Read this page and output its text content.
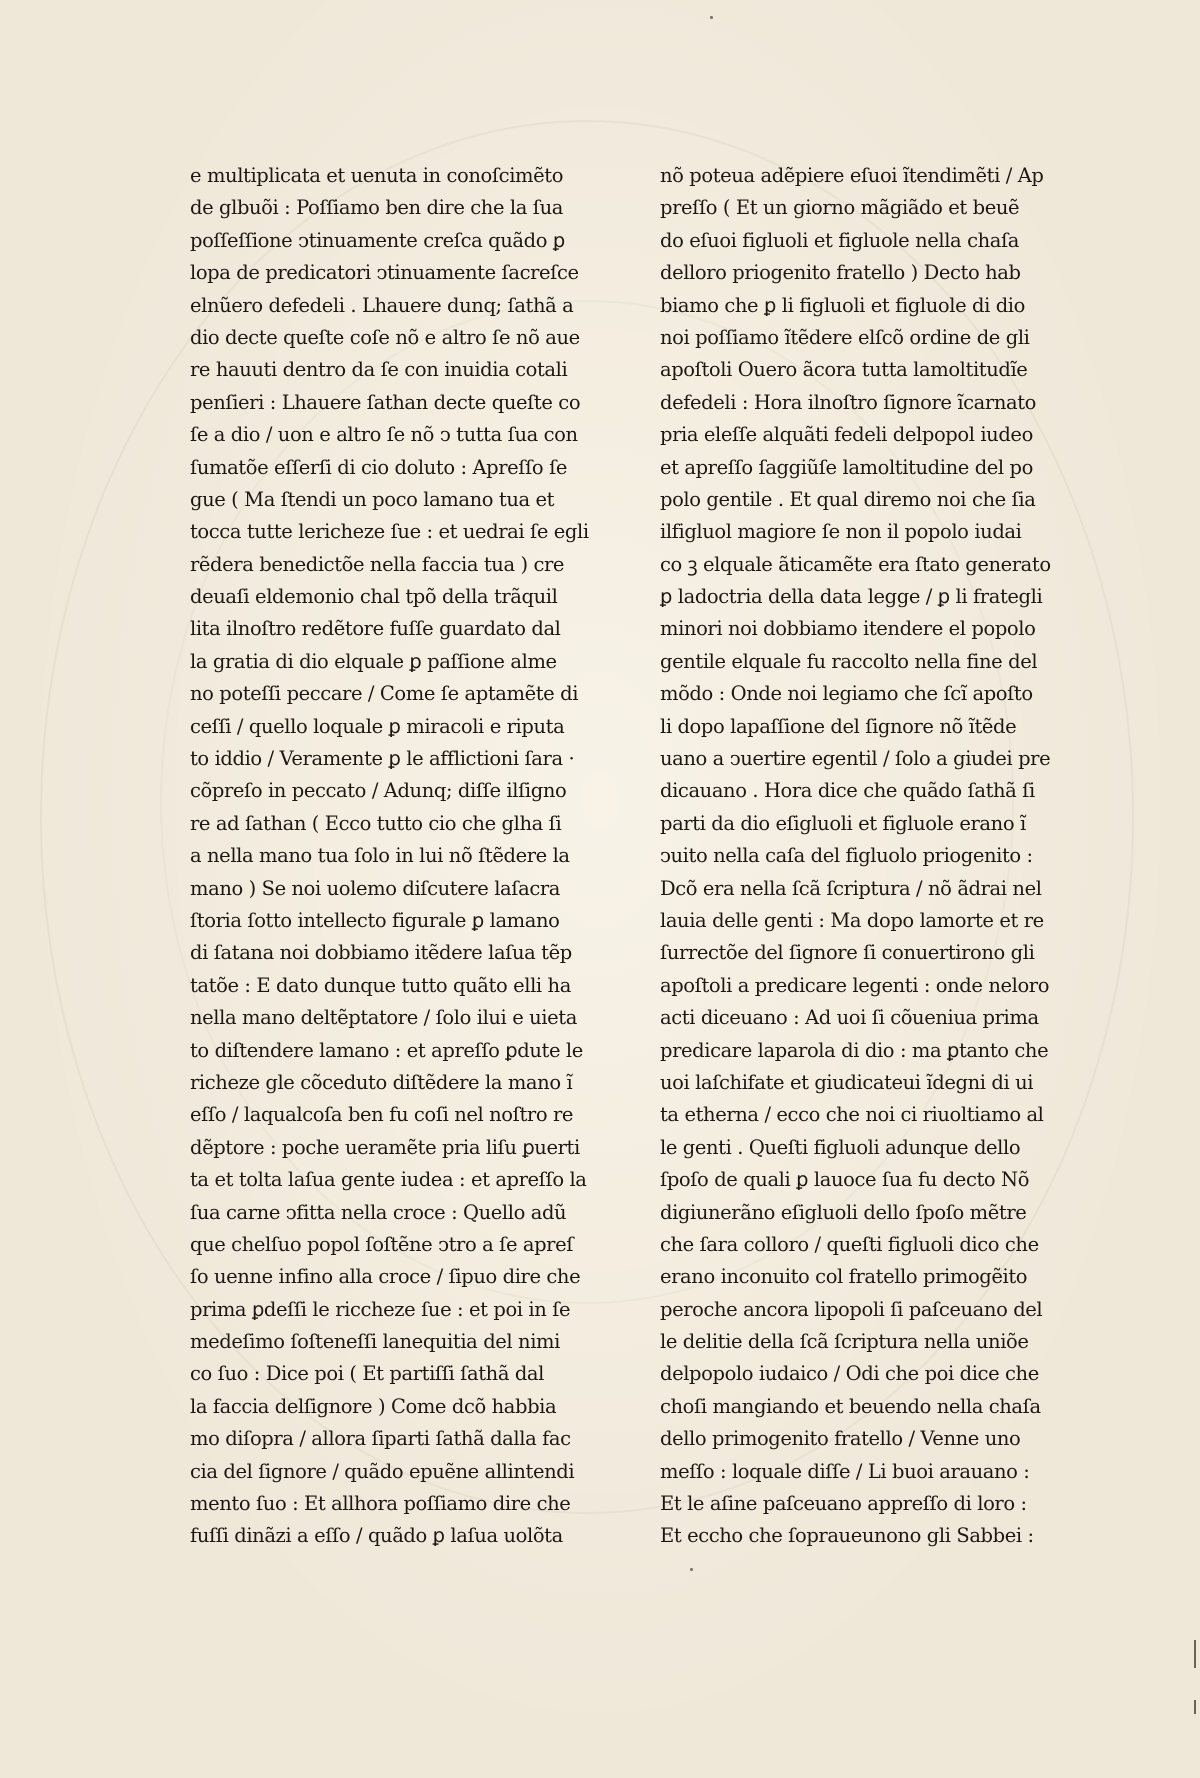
e multiplicata et uenuta in conoſcimẽto
de glbuõi : Poſſiamo ben dire che la ſua
poſſeſſione ↄtinuamente creſca quãdo ꝑ
lopa de predicatori ↄtinuamente ſacreſce
elnũero defedeli . Lhauere dunq; ſathã a
dio decte queſte coſe nõ e altro ſe nõ aue
re hauuti dentro da ſe con inuidia cotali
penſieri : Lhauere ſathan decte queſte co
ſe a dio / uon e altro ſe nõ ↄ tutta ſua con
ſumatõe eſſerſi di cio doluto : Apreſſo ſe
gue ( Ma ſtendi un poco lamano tua et
tocca tutte lericheze ſue : et uedrai ſe egli
rẽdera benedictõe nella faccia tua ) cre
deuaſi eldemonio chal tpõ della trãquil
lita ilnoſtro redẽtore fuſſe guardato dal
la gratia di dio elquale ꝑ paſſione alme
no poteſſi peccare / Come ſe aptamẽte di
ceſſi / quello loquale ꝑ miracoli e riputa
to iddio / Veramente ꝑ le afflictioni ſara ·
cõpreſo in peccato / Adunq; diſſe ilſigno
re ad ſathan ( Ecco tutto cio che glha ſi
a nella mano tua ſolo in lui nõ ſtẽdere la
mano ) Se noi uolemo diſcutere laſacra
ſtoria ſotto intellecto figurale ꝑ lamano
di ſatana noi dobbiamo itẽdere laſua tẽp
tatõe : E dato dunque tutto quãto elli ha
nella mano deltẽptatore / ſolo ilui e uieta
to diſtendere lamano : et apreſſo ꝑdute le
richeze gle cõceduto diſtẽdere la mano ĩ
eſſo / laqualcoſa ben fu coſi nel noſtro re
dẽptore : poche ueramẽte pria liſu ꝑuerti
ta et tolta laſua gente iudea : et apreſſo la
ſua carne ↄfitta nella croce : Quello adũ
que chelſuo popol ſoſtẽne ↄtro a ſe apreſ
ſo uenne infino alla croce / ſipuo dire che
prima ꝑdeſſi le riccheze ſue : et poi in ſe
medeſimo ſoſteneſſi lanequitia del nimi
co ſuo : Dice poi ( Et partiſſi ſathã dal
la faccia delſignore ) Come dcõ habbia
mo diſopra / allora ſiparti ſathã dalla fac
cia del ſignore / quãdo epuẽne allintendi
mento ſuo : Et allhora poſſiamo dire che
fuſſi dinãzi a eſſo / quãdo ꝑ laſua uolõta
nõ poteua adẽpiere eſuoi ĩtendimẽti / Ap
preſſo ( Et un giorno mãgiãdo et beuẽ
do eſuoi figluoli et figluole nella chaſa
delloro priogenito fratello ) Decto hab
biamo che ꝑ li figluoli et figluole di dio
noi poſſiamo ĩtẽdere elſcõ ordine de gli
apoſtoli Ouero ãcora tutta lamoltitudĩe
defedeli : Hora ilnoſtro ſignore ĩcarnato
pria eleſſe alquãti fedeli delpopol iudeo
et apreſſo ſaggiũſe lamoltitudine del po
polo gentile . Et qual diremo noi che ſia
ilfigluol magiore ſe non il popolo iudai
co ꝫ elquale ãticamẽte era ſtato generato
ꝑ ladoctria della data legge / ꝑ li frategli
minori noi dobbiamo itendere el popolo
gentile elquale fu raccolto nella fine del
mõdo : Onde noi legiamo che ſcĩ apoſto
li dopo lapaſſione del ſignore nõ ĩtẽde
uano a ↄuertire egentil / ſolo a giudei pre
dicauano . Hora dice che quãdo ſathã ſi
parti da dio eſigluoli et figluole erano ĩ
ↄuito nella caſa del figluolo priogenito :
Dcõ era nella ſcã ſcriptura / nõ ãdrai nel
lauia delle genti : Ma dopo lamorte et re
ſurrectõe del ſignore ſi conuertirono gli
apoſtoli a predicare legenti : onde neloro
acti diceuano : Ad uoi ſi cõueniua prima
predicare laparola di dio : ma ꝑtanto che
uoi laſchifate et giudicateui ĩdegni di ui
ta etherna / ecco che noi ci riuoltiamo al
le genti . Queſti figluoli adunque dello
ſpoſo de quali ꝑ lauoce ſua fu decto Nõ
digiunerãno eſigluoli dello ſpoſo mẽtre
che ſara colloro / queſti figluoli dico che
erano inconuito col fratello primogẽito
peroche ancora lipopoli ſi paſceuano del
le delitie della ſcã ſcriptura nella uniõe
delpopolo iudaico / Odi che poi dice che
choſi mangiando et beuendo nella chaſa
dello primogenito fratello / Venne uno
meſſo : loquale diſſe / Li buoi arauano :
Et le aſine paſceuano appreſſo di loro :
Et eccho che ſopraueunono gli Sabbei :
